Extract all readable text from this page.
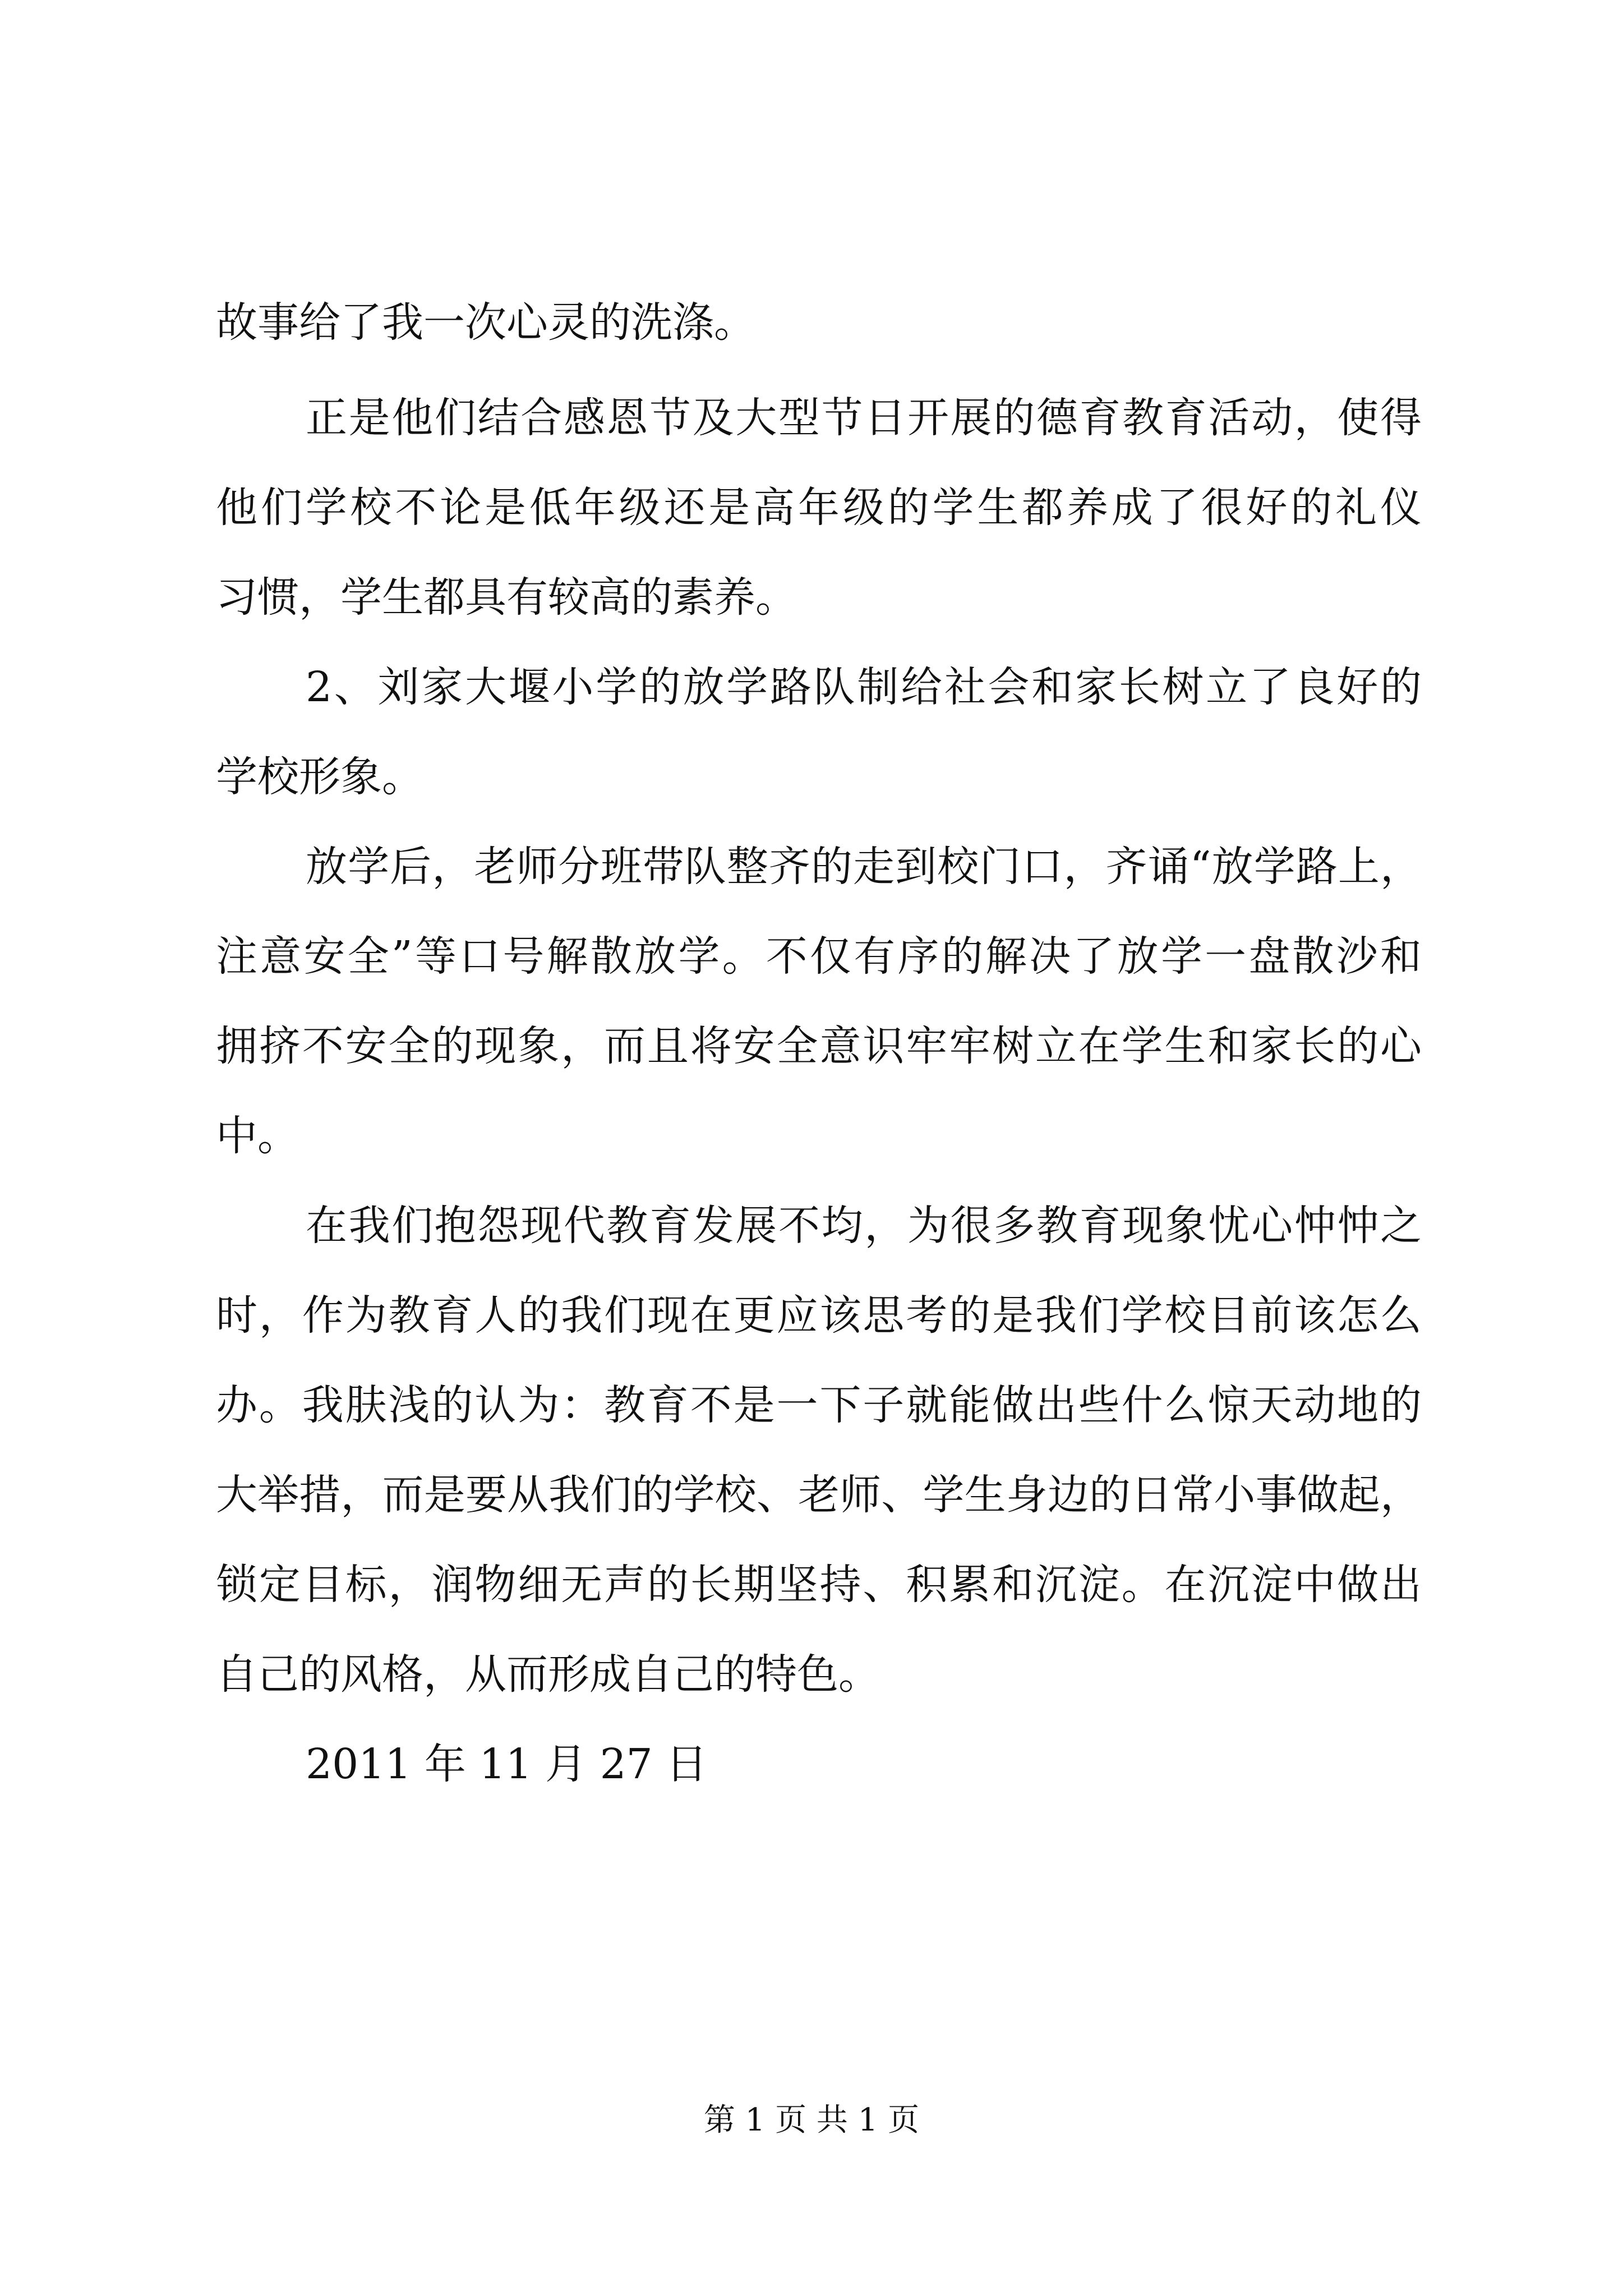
故事给了我一次心灵的洗涤。
正是他们结合感恩节及大型节日开展的德育教育活动，使得
他们学校不论是低年级还是高年级的学生都养成了很好的礼仪
习惯，学生都具有较高的素养。
2、刘家大堰小学的放学路队制给社会和家长树立了良好的
学校形象。
放学后，老师分班带队整齐的走到校门口，齐诵“放学路上，
注意安全”等口号解散放学。不仅有序的解决了放学一盘散沙和
拥挤不安全的现象，而且将安全意识牢牢树立在学生和家长的心
中。
在我们抱怨现代教育发展不均，为很多教育现象忧心忡忡之
时，作为教育人的我们现在更应该思考的是我们学校目前该怎么
办。我肤浅的认为：教育不是一下子就能做出些什么惊天动地的
大举措，而是要从我们的学校、老师、学生身边的日常小事做起，
锁定目标，润物细无声的长期坚持、积累和沉淀。在沉淀中做出
自己的风格，从而形成自己的特色。
2011 年 11 月 27 日
第 1 页 共 1 页
